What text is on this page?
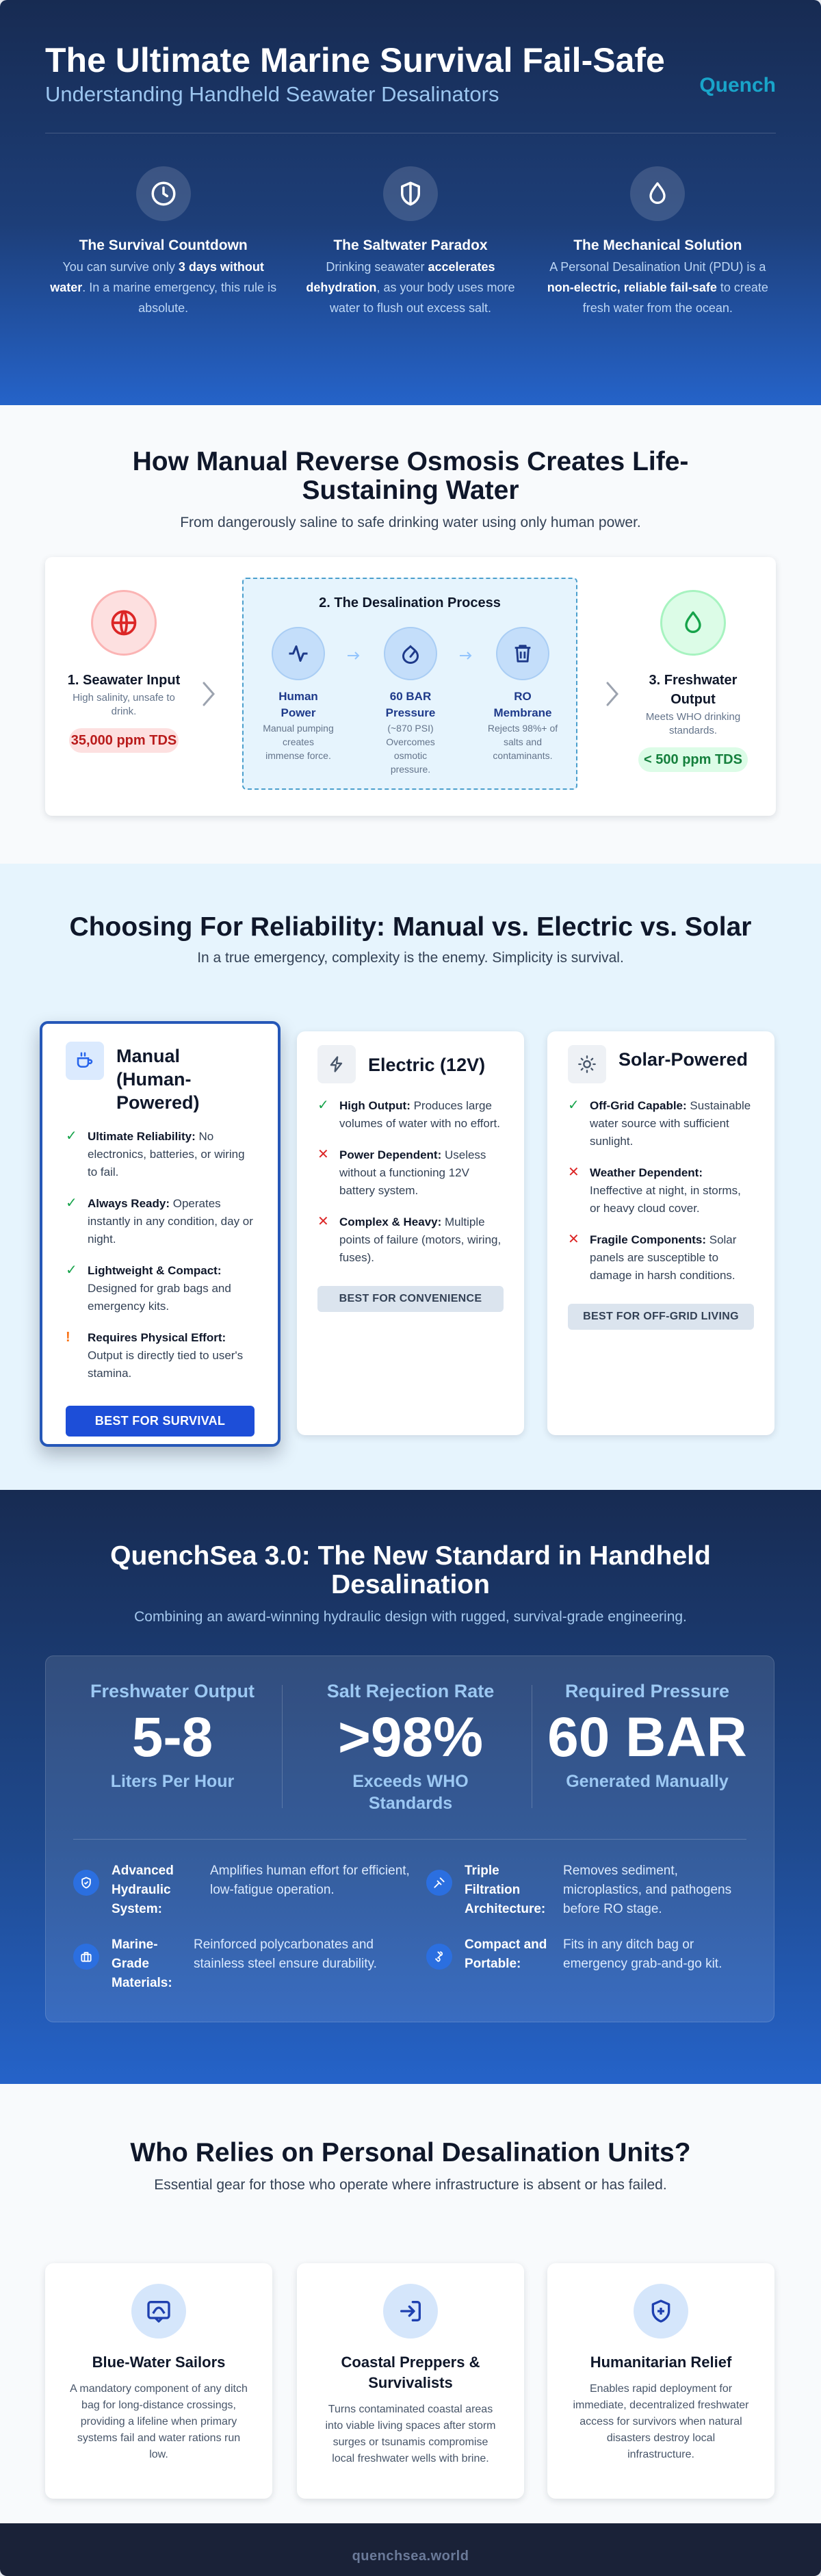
The Ultimate Marine Survival Fail-Safe
Understanding Handheld Seawater Desalinators	Quench
The Survival Countdown

You can survive only 3 days without water. In a marine emergency, this rule is absolute.

The Saltwater Paradox

Drinking seawater accelerates dehydration, as your body uses more water to flush out excess salt.

The Mechanical Solution

A Personal Desalination Unit (PDU) is a non-electric, reliable fail-safe to create fresh water from the ocean.

How Manual Reverse Osmosis Creates Life-Sustaining Water

From dangerously saline to safe drinking water using only human power.

1. Seawater Input
High salinity, unsafe to drink.
35,000 ppm TDS
2. The Desalination Process
Human Power
Manual pumping creates immense force.
60 BAR Pressure
(~870 PSI) Overcomes osmotic pressure.
RO Membrane
Rejects 98%+ of salts and contaminants.
3. Freshwater Output
Meets WHO drinking standards.
< 500 ppm TDS
Choosing For Reliability: Manual vs. Electric vs. Solar

In a true emergency, complexity is the enemy. Simplicity is survival.

Manual (Human-Powered)
✓ Ultimate Reliability: No electronics, batteries, or wiring to fail.
✓ Always Ready: Operates instantly in any condition, day or night.
✓ Lightweight & Compact: Designed for grab bags and emergency kits.
!	Requires Physical Effort: Output is directly tied to user's stamina.
BEST FOR SURVIVAL
Electric (12V)
✓ High Output: Produces large volumes of water with no effort.
✕ Power Dependent: Useless without a functioning 12V battery system.
✕ Complex & Heavy: Multiple points of failure (motors, wiring, fuses).
BEST FOR CONVENIENCE
Solar-Powered
✓ Off-Grid Capable: Sustainable water source with sufficient sunlight.
✕ Weather Dependent: Ineffective at night, in storms, or heavy cloud cover.
✕ Fragile Components: Solar panels are susceptible to damage in harsh conditions.
BEST FOR OFF-GRID LIVING
QuenchSea 3.0: The New Standard in Handheld Desalination

Combining an award-winning hydraulic design with rugged, survival-grade engineering.

Freshwater Output
5-8
Liters Per Hour
Salt Rejection Rate
>98%
Exceeds WHO Standards
Required Pressure
60 BAR
Generated Manually
Advanced Hydraulic System:
Amplifies human effort for efficient, low-fatigue operation.
Triple Filtration Architecture:
Removes sediment, microplastics, and pathogens before RO stage.
Marine-Grade Materials:
Reinforced polycarbonates and stainless steel ensure durability.
Compact and Portable:
Fits in any ditch bag or emergency grab-and-go kit.
Who Relies on Personal Desalination Units?

Essential gear for those who operate where infrastructure is absent or has failed.

Blue-Water Sailors

A mandatory component of any ditch bag for long-distance crossings, providing a lifeline when primary systems fail and water rations run low.

Coastal Preppers & Survivalists

Turns contaminated coastal areas into viable living spaces after storm surges or tsunamis compromise local freshwater wells with brine.

Humanitarian Relief

Enables rapid deployment for immediate, decentralized freshwater access for survivors when natural disasters destroy local infrastructure.

quenchsea.world
